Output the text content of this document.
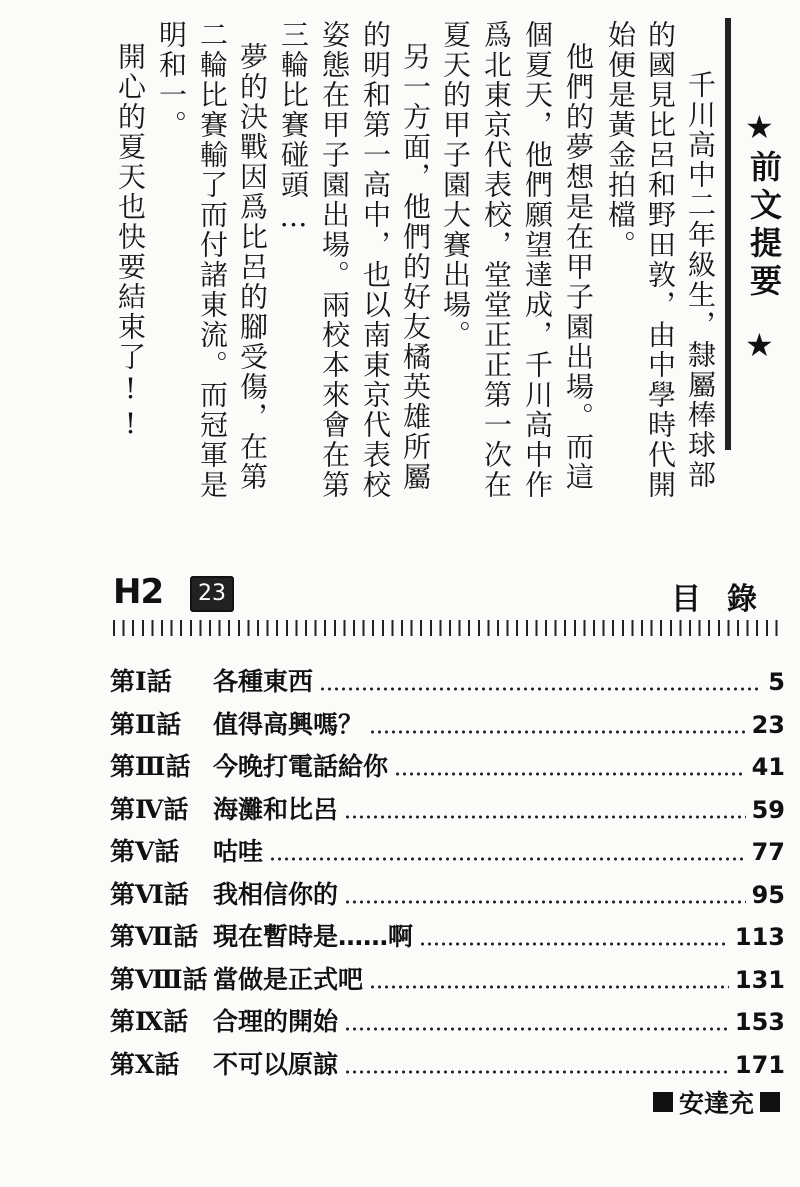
★
前文提要
★
千川高中二年級生，隸屬棒球部
的國見比呂和野田敦，由中學時代開
始便是黃金拍檔。
他們的夢想是在甲子園出場。而這
個夏天，他們願望達成，千川高中作
爲北東京代表校，堂堂正正第一次在
夏天的甲子園大賽出場。
另一方面，他們的好友橘英雄所屬
的明和第一高中，也以南東京代表校
姿態在甲子園出場。兩校本來會在第
三輪比賽碰頭…
夢的決戰因爲比呂的腳受傷，在第
二輪比賽輸了而付諸東流。而冠軍是
明和一。
開心的夏天也快要結束了!!
H2	23	目錄
第Ⅰ話	各種東西	5
第Ⅱ話	值得高興嗎？	23
第Ⅲ話 今晚打電話給你	41
第Ⅳ話 海灘和比呂	59
第Ⅴ話	咕哇	77
第Ⅵ話 我相信你的	95
第Ⅶ話 現在暫時是……啊	113
第Ⅷ話 當做是正式吧	131
第Ⅸ話 合理的開始	153
第Ⅹ話	不可以原諒	171
安達充
